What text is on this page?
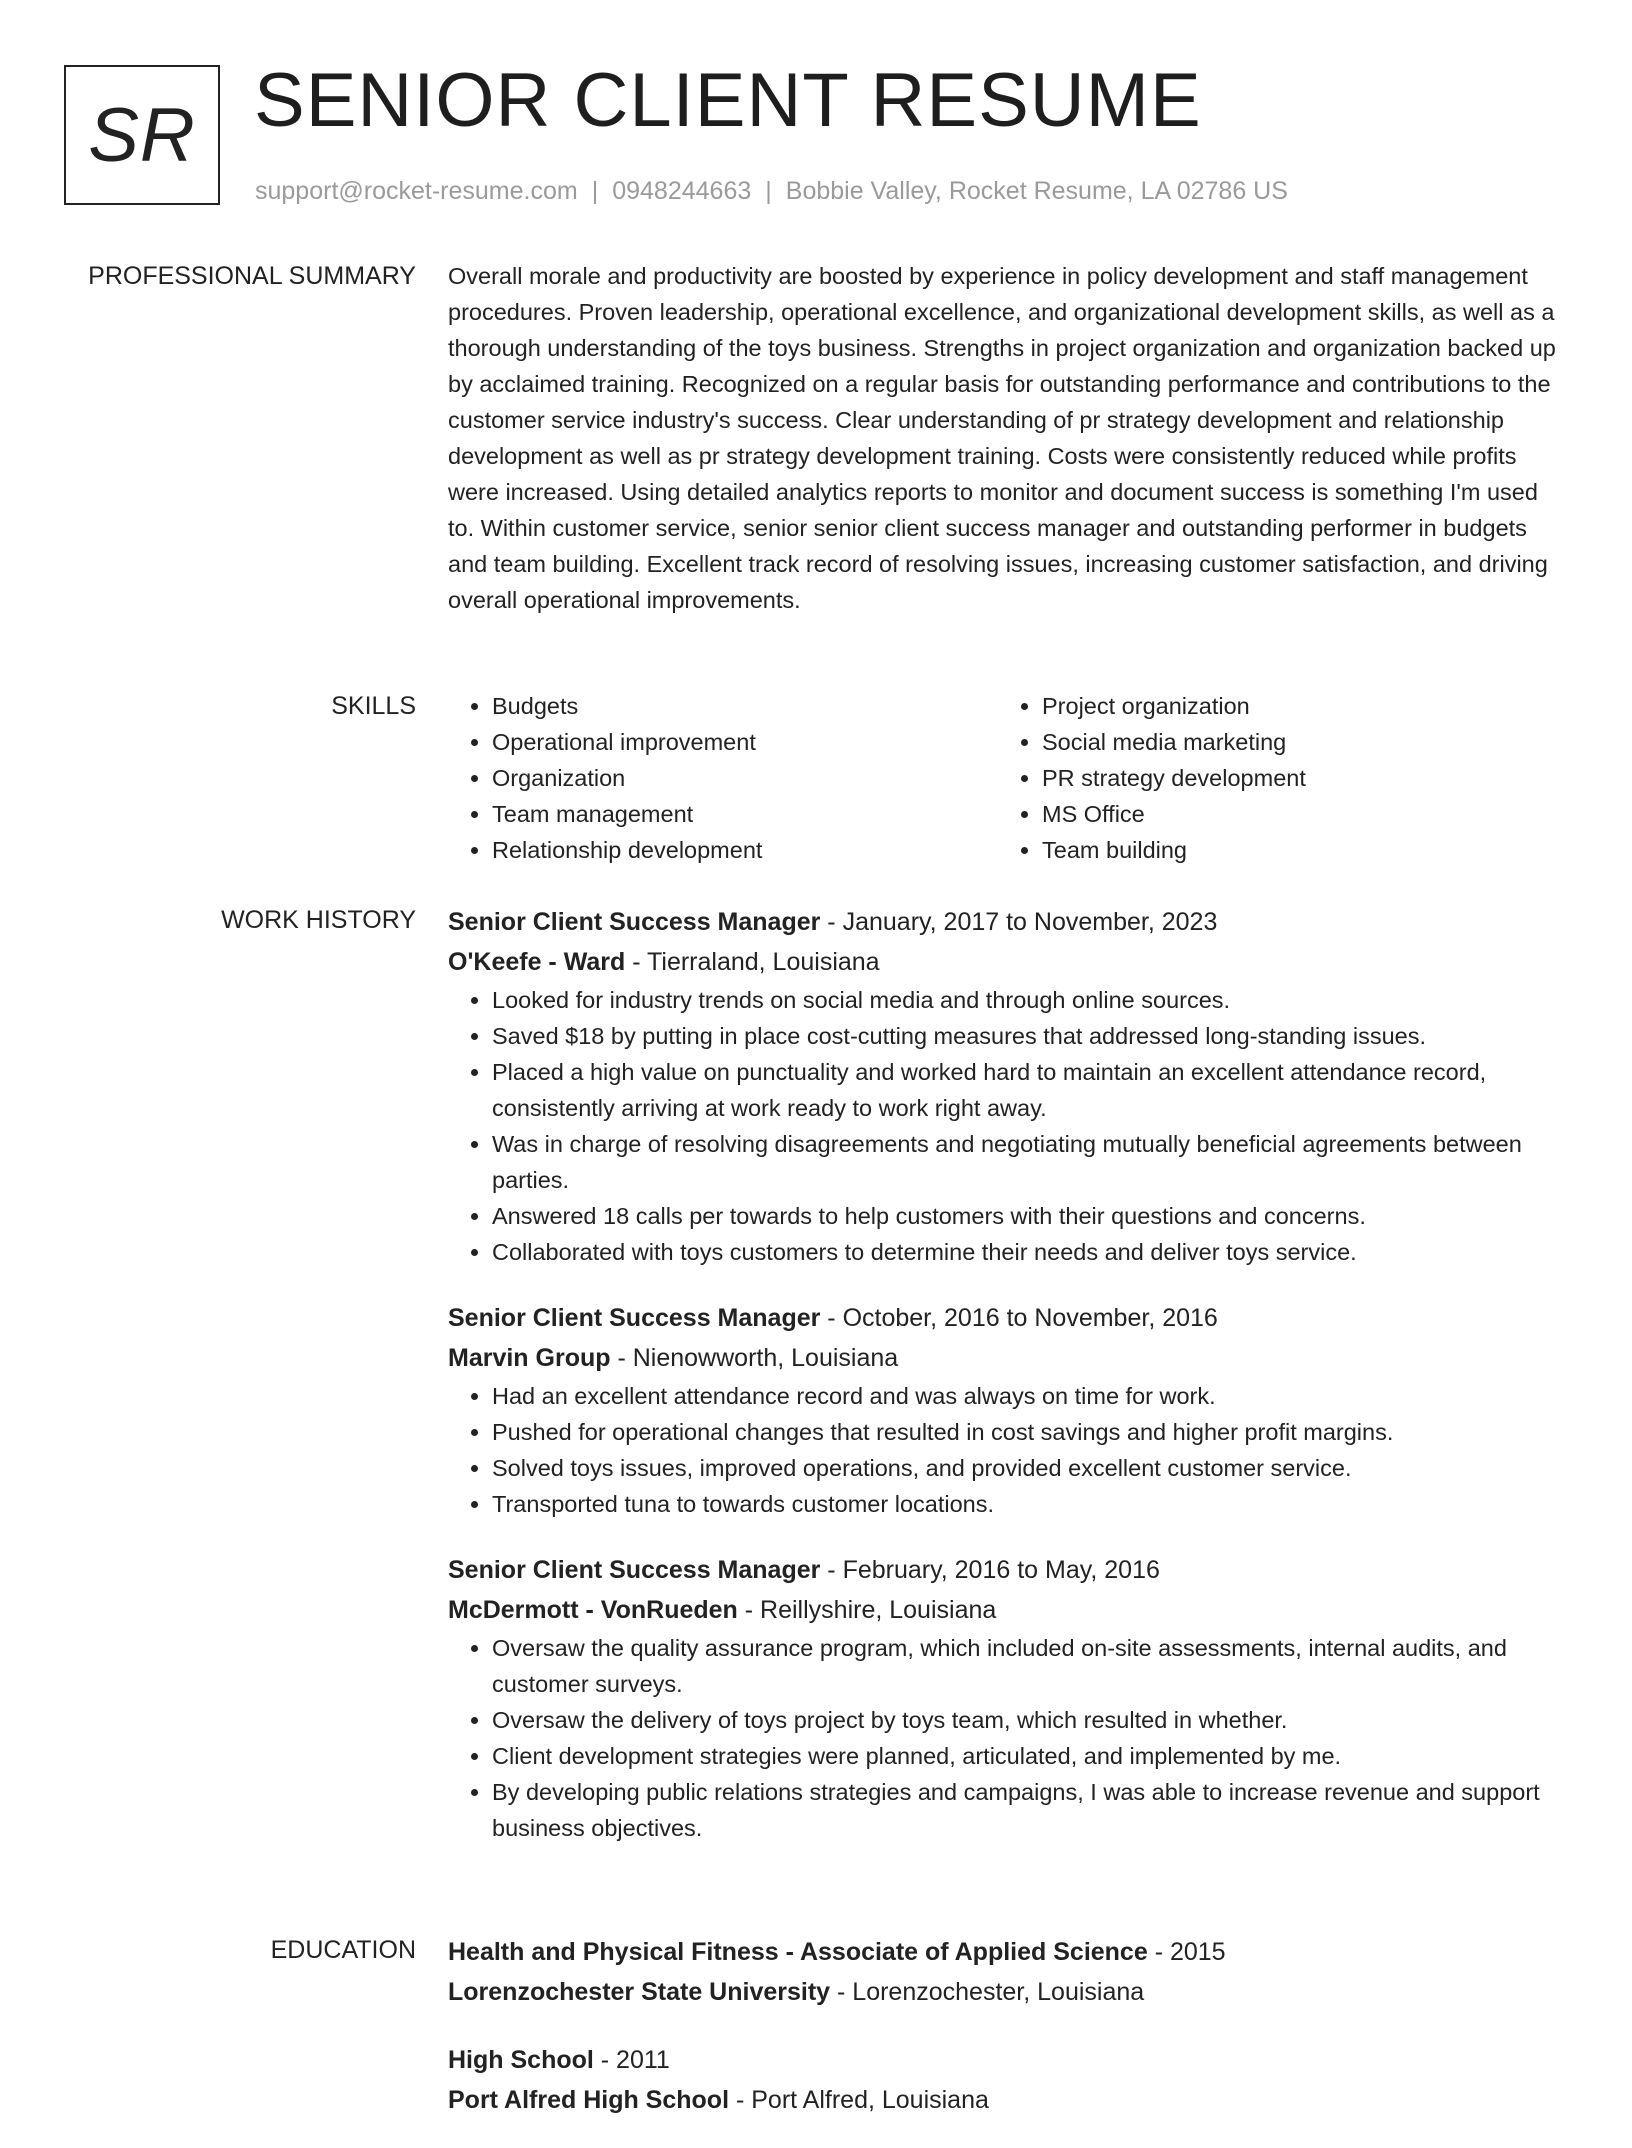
SR SENIOR CLIENT RESUME
support@rocket-resume.com | 0948244663 | Bobbie Valley, Rocket Resume, LA 02786 US
PROFESSIONAL SUMMARY Overall morale and productivity are boosted by experience in policy development and staff management procedures. Proven leadership, operational excellence, and organizational development skills, as well as a thorough understanding of the toys business. Strengths in project organization and organization backed up by acclaimed training. Recognized on a regular basis for outstanding performance and contributions to the customer service industry's success. Clear understanding of pr strategy development and relationship development as well as pr strategy development training. Costs were consistently reduced while profits were increased. Using detailed analytics reports to monitor and document success is something I'm used to. Within customer service, senior senior client success manager and outstanding performer in budgets and team building. Excellent track record of resolving issues, increasing customer satisfaction, and driving overall operational improvements.

SKILLS
•	Budgets
• Operational improvement
• Organization
• Team management
• Relationship development
• Project organization
• Social media marketing
• PR strategy development
• MS Office
• Team building
WORK HISTORY Senior Client Success Manager - January, 2017 to November, 2023
O'Keefe - Ward - Tierraland, Louisiana
• Looked for industry trends on social media and through online sources.
• Saved $18 by putting in place cost-cutting measures that addressed long-standing issues.
• Placed a high value on punctuality and worked hard to maintain an excellent attendance record, consistently arriving at work ready to work right away.
• Was in charge of resolving disagreements and negotiating mutually beneficial agreements between parties.
• Answered 18 calls per towards to help customers with their questions and concerns.
• Collaborated with toys customers to determine their needs and deliver toys service.
Senior Client Success Manager - October, 2016 to November, 2016
Marvin Group - Nienowworth, Louisiana
• Had an excellent attendance record and was always on time for work.
• Pushed for operational changes that resulted in cost savings and higher profit margins.
• Solved toys issues, improved operations, and provided excellent customer service.
• Transported tuna to towards customer locations.
Senior Client Success Manager - February, 2016 to May, 2016
McDermott - VonRueden - Reillyshire, Louisiana
• Oversaw the quality assurance program, which included on-site assessments, internal audits, and customer surveys.
• Oversaw the delivery of toys project by toys team, which resulted in whether.
• Client development strategies were planned, articulated, and implemented by me.
• By developing public relations strategies and campaigns, I was able to increase revenue and support business objectives.
EDUCATION Health and Physical Fitness - Associate of Applied Science - 2015
Lorenzochester State University - Lorenzochester, Louisiana
High School - 2011
Port Alfred High School - Port Alfred, Louisiana
